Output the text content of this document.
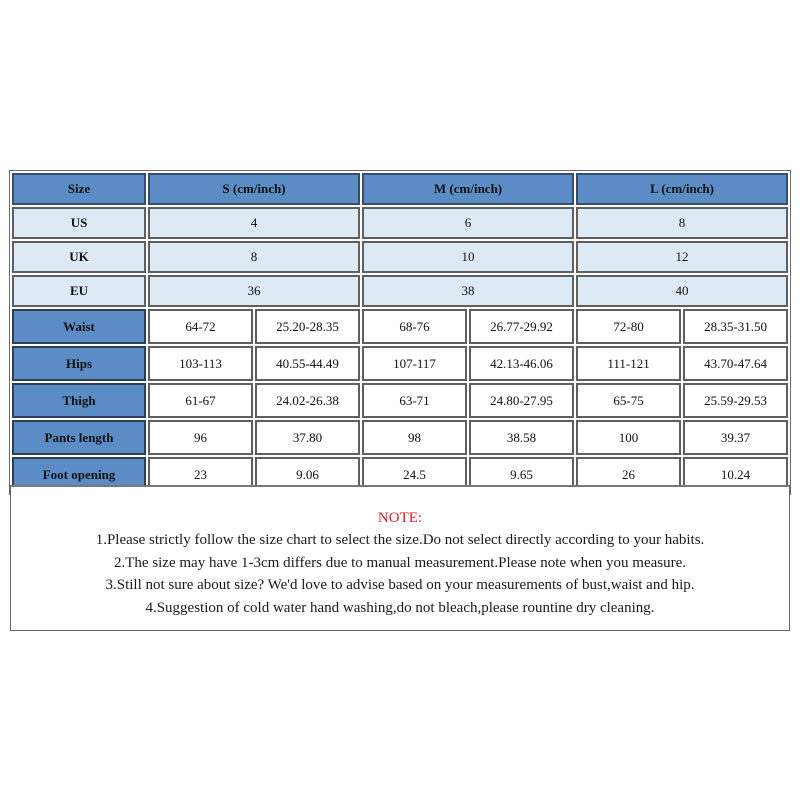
Size	S (cm/inch)		M (cm/inch)		L (cm/inch)	
US	4		6		8	
UK	8		10		12	
EU	36		38		40	
Waist	64-72	25.20-28.35	68-76	26.77-29.92	72-80	28.35-31.50
Hips	103-113	40.55-44.49	107-117	42.13-46.06	111-121	43.70-47.64
Thigh	61-67	24.02-26.38	63-71	24.80-27.95	65-75	25.59-29.53
Pants length	96	37.80	98	38.58	100	39.37
Foot opening	23	9.06	24.5	9.65	26	10.24
NOTE:
1.Please strictly follow the size chart to select the size.Do not select directly according to your habits.
2.The size may have 1-3cm differs due to manual measurement.Please note when you measure.
3.Still not sure about size? We'd love to advise based on your measurements of bust,waist and hip.
4.Suggestion of cold water hand washing,do not bleach,please rountine dry cleaning.
